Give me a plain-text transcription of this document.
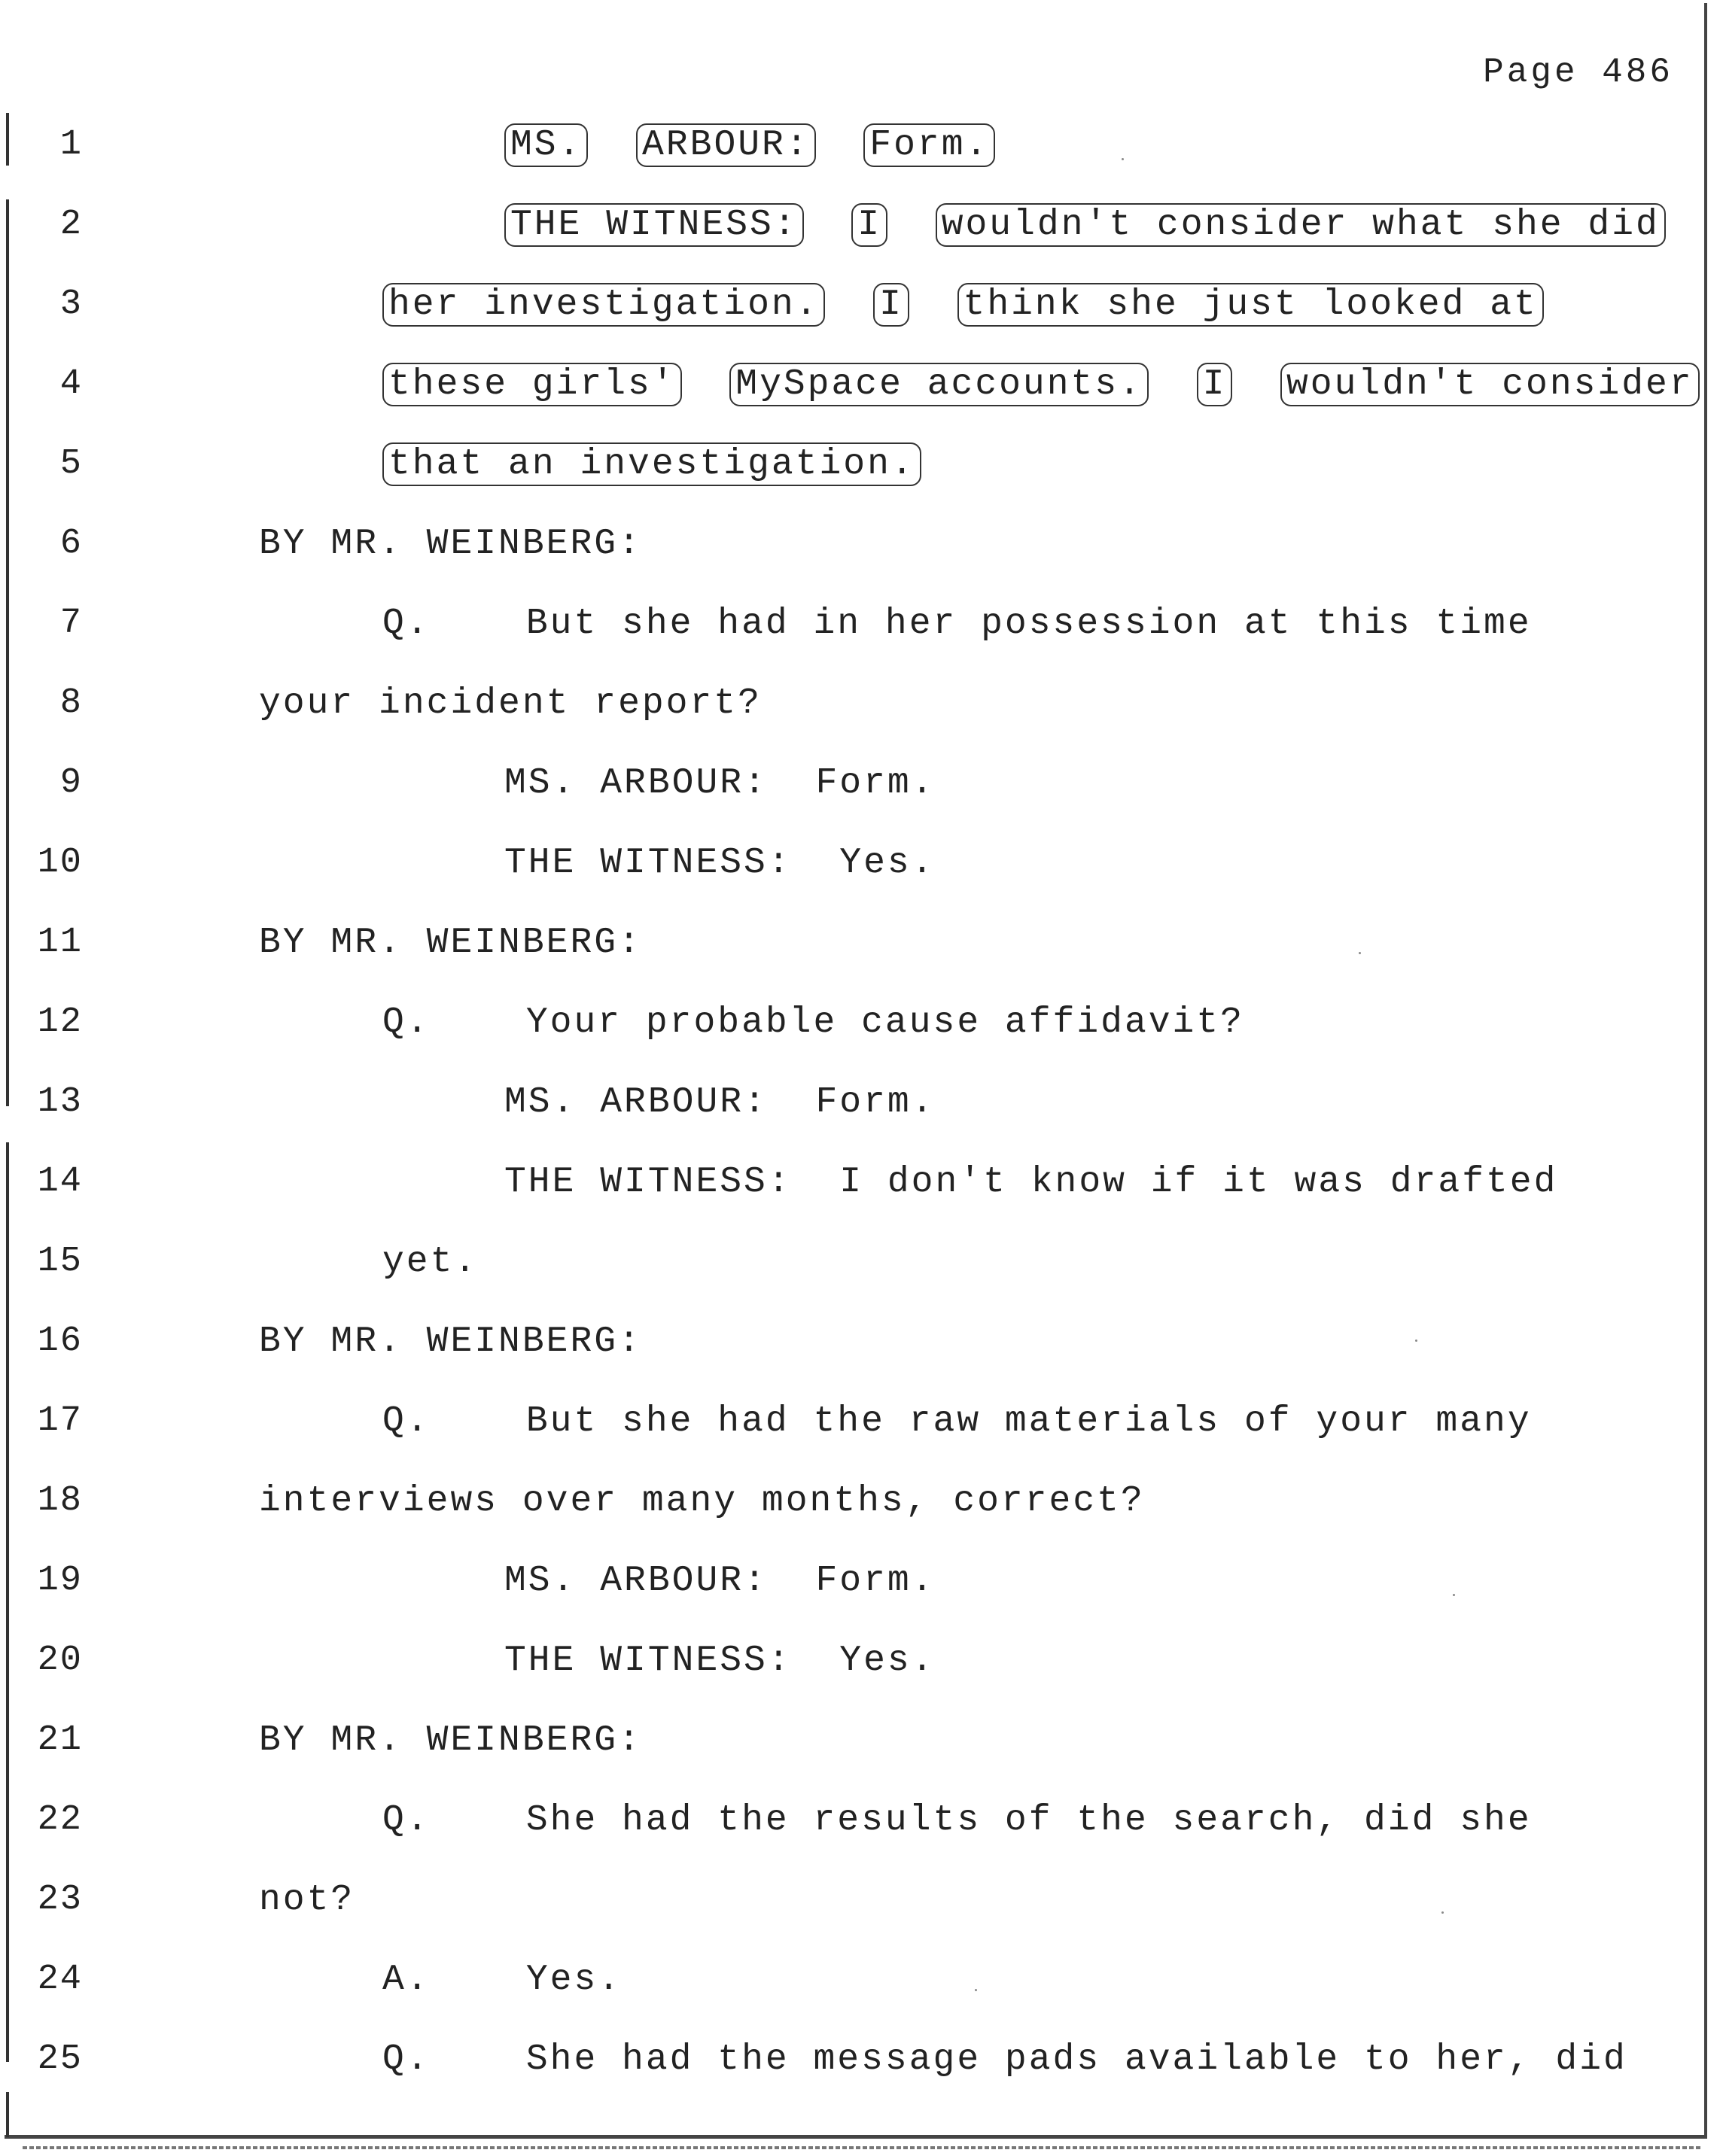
Page 486
1	MS. ARBOUR: Form.
2	THE WITNESS: I wouldn't consider what she did
3	her investigation. I think she just looked at
4	these girls' MySpace accounts. I wouldn't consider
5	that an investigation.
6	BY MR. WEINBERG:
7	Q.    But she had in her possession at this time
8	your incident report?
9	MS. ARBOUR:  Form.
10	THE WITNESS:  Yes.
11	BY MR. WEINBERG:
12	Q.    Your probable cause affidavit?
13	MS. ARBOUR:  Form.
14	THE WITNESS:  I don't know if it was drafted
15	yet.
16	BY MR. WEINBERG:
17	Q.    But she had the raw materials of your many
18	interviews over many months, correct?
19	MS. ARBOUR:  Form.
20	THE WITNESS:  Yes.
21	BY MR. WEINBERG:
22	Q.    She had the results of the search, did she
23	not?
24	A.    Yes.
25	Q.    She had the message pads available to her, did
